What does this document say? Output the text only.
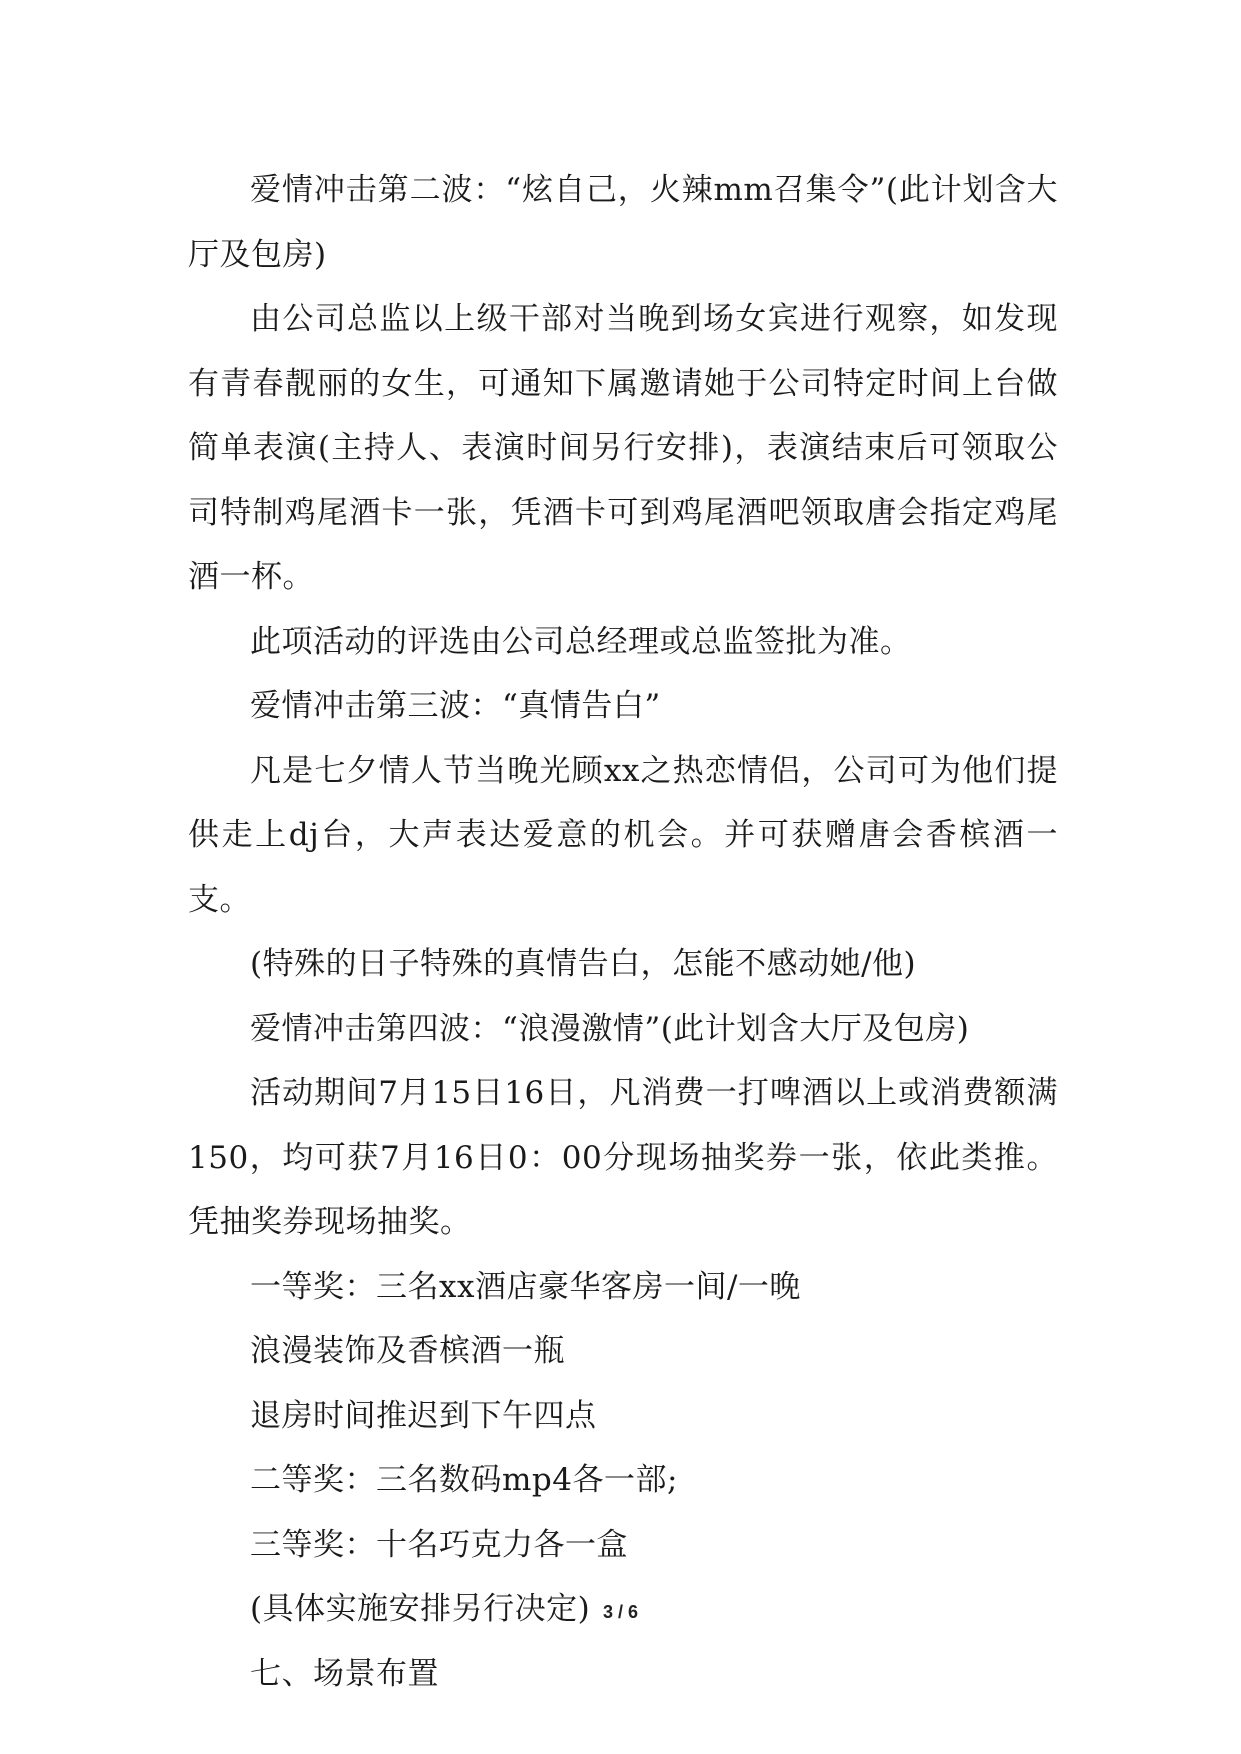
爱情冲击第二波：“炫自己，火辣mm召集令”(此计划含大厅及包房)

由公司总监以上级干部对当晚到场女宾进行观察，如发现有青春靓丽的女生，可通知下属邀请她于公司特定时间上台做简单表演(主持人、表演时间另行安排)，表演结束后可领取公司特制鸡尾酒卡一张，凭酒卡可到鸡尾酒吧领取唐会指定鸡尾酒一杯。

此项活动的评选由公司总经理或总监签批为准。

爱情冲击第三波：“真情告白”

凡是七夕情人节当晚光顾xx之热恋情侣，公司可为他们提供走上dj台，大声表达爱意的机会。并可获赠唐会香槟酒一支。

(特殊的日子特殊的真情告白，怎能不感动她/他)

爱情冲击第四波：“浪漫激情”(此计划含大厅及包房)

活动期间7月15日16日，凡消费一打啤酒以上或消费额满150，均可获7月16日0：00分现场抽奖券一张，依此类推。凭抽奖券现场抽奖。

一等奖：三名xx酒店豪华客房一间/一晚

浪漫装饰及香槟酒一瓶

退房时间推迟到下午四点

二等奖：三名数码mp4各一部;

三等奖：十名巧克力各一盒

(具体实施安排另行决定)

七、场景布置

3 / 6
